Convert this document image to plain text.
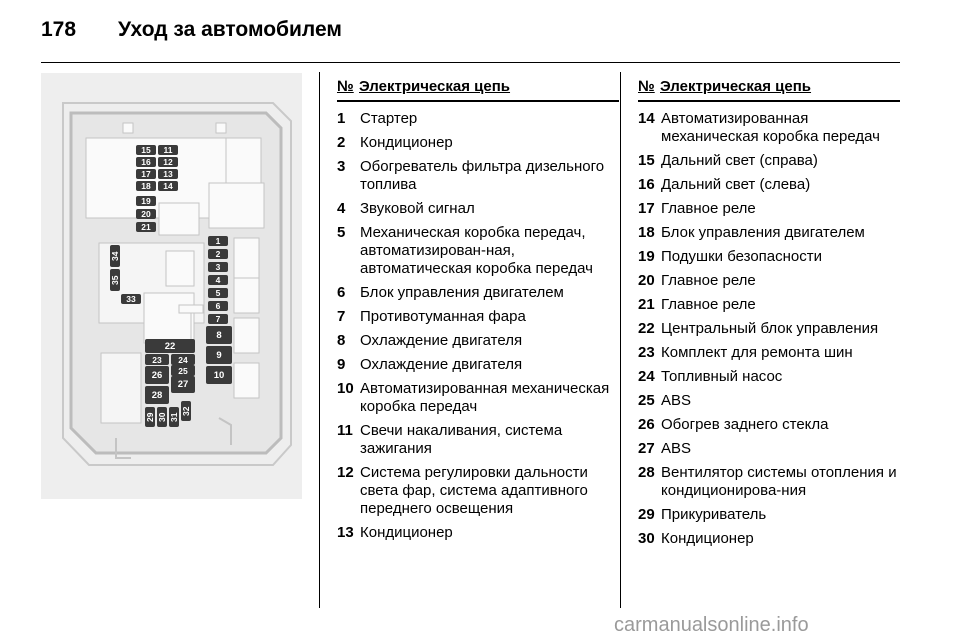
178 Уход за автомобилем
15	11
16	12
17	13
18	14
19
20
21
34
35
33
1
2
3
4
5
6
7
8
9
10
22
23	24
25
26
27
28
29 30 31
32
№ Электрическая цепь
1 Стартер
2 Кондиционер
3 Обогреватель фильтра дизельного топлива
4 Звуковой сигнал
5 Механическая коробка передач, автоматизирован-ная, автоматическая коробка передач
6 Блок управления двигателем
7 Противотуманная фара
8 Охлаждение двигателя
9 Охлаждение двигателя
10 Автоматизированная механическая коробка передач
11 Свечи накаливания, система зажигания
12 Система регулировки дальности света фар, система адаптивного переднего освещения
13 Кондиционер
№ Электрическая цепь
14 Автоматизированная механическая коробка передач
15 Дальний свет (справа)
16 Дальний свет (слева)
17 Главное реле
18 Блок управления двигателем
19 Подушки безопасности
20 Главное реле
21 Главное реле
22 Центральный блок управления
23 Комплект для ремонта шин
24 Топливный насос
25 ABS
26 Обогрев заднего стекла
27 ABS
28 Вентилятор системы отопления и кондиционирова-ния
29 Прикуриватель
30 Кондиционер
carmanualsonline.info
